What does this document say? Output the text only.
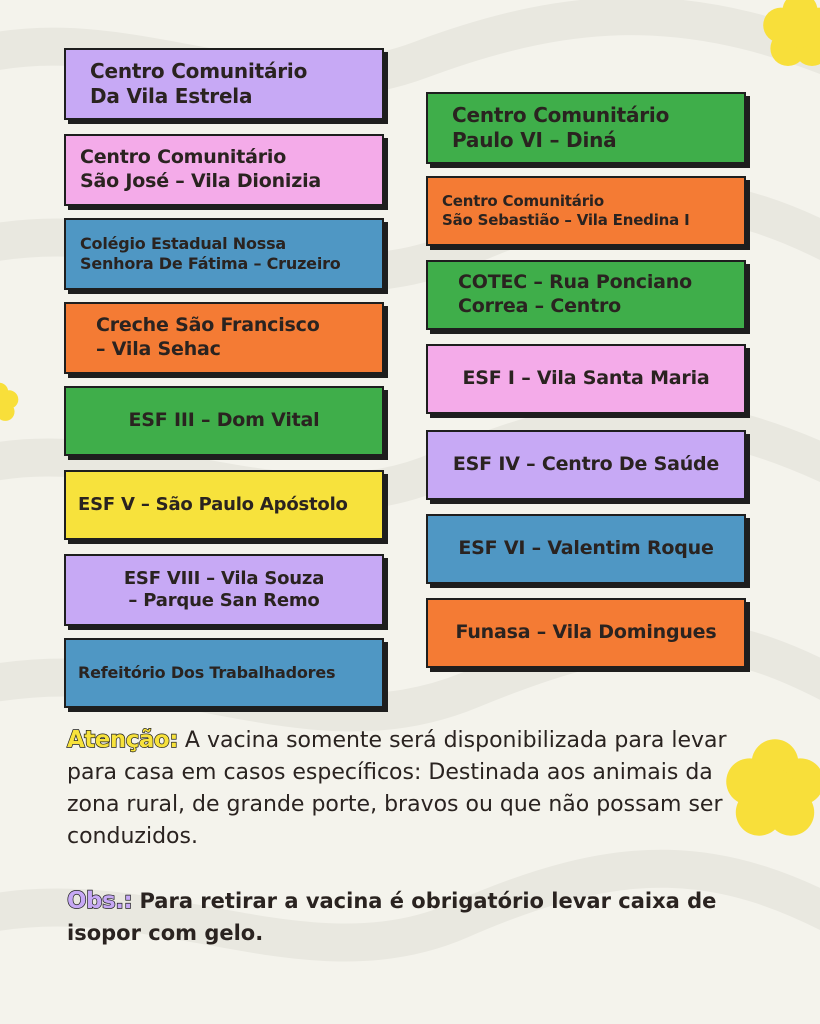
Centro Comunitário
Da Vila Estrela
Centro Comunitário
São José – Vila Dionizia
Colégio Estadual Nossa
Senhora De Fátima – Cruzeiro
Creche São Francisco
– Vila Sehac
ESF III – Dom Vital
ESF V – São Paulo Apóstolo
ESF VIII – Vila Souza
– Parque San Remo
Refeitório Dos Trabalhadores
Centro Comunitário
Paulo VI – Diná
Centro Comunitário
São Sebastião – Vila Enedina I
COTEC – Rua Ponciano
Correa – Centro
ESF I – Vila Santa Maria
ESF IV – Centro De Saúde
ESF VI – Valentim Roque
Funasa – Vila Domingues
Atenção: A vacina somente será disponibilizada para levar para casa em casos específicos: Destinada aos animais da zona rural, de grande porte, bravos ou que não possam ser conduzidos.
Obs.: Para retirar a vacina é obrigatório levar caixa de isopor com gelo.
